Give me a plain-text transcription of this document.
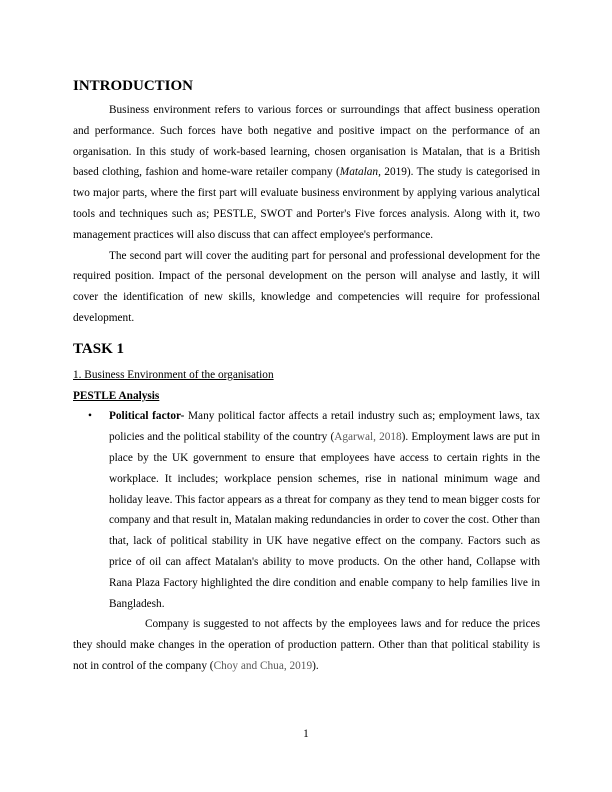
INTRODUCTION

Business environment refers to various forces or surroundings that affect business operation and performance. Such forces have both negative and positive impact on the performance of an organisation. In this study of work-based learning, chosen organisation is Matalan, that is a British based clothing, fashion and home-ware retailer company (Matalan, 2019). The study is categorised in two major parts, where the first part will evaluate business environment by applying various analytical tools and techniques such as; PESTLE, SWOT and Porter's Five forces analysis. Along with it, two management practices will also discuss that can affect employee's performance.

The second part will cover the auditing part for personal and professional development for the required position. Impact of the personal development on the person will analyse and lastly, it will cover the identification of new skills, knowledge and competencies will require for professional development.

TASK 1
1. Business Environment of the organisation
PESTLE Analysis
• Political factor- Many political factor affects a retail industry such as; employment laws, tax policies and the political stability of the country (Agarwal, 2018). Employment laws are put in place by the UK government to ensure that employees have access to certain rights in the workplace. It includes; workplace pension schemes, rise in national minimum wage and holiday leave. This factor appears as a threat for company as they tend to mean bigger costs for company and that result in, Matalan making redundancies in order to cover the cost. Other than that, lack of political stability in UK have negative effect on the company. Factors such as price of oil can affect Matalan's ability to move products. On the other hand, Collapse with Rana Plaza Factory highlighted the dire condition and enable company to help families live in Bangladesh.

Company is suggested to not affects by the employees laws and for reduce the prices they should make changes in the operation of production pattern. Other than that political stability is not in control of the company (Choy and Chua, 2019).

1
